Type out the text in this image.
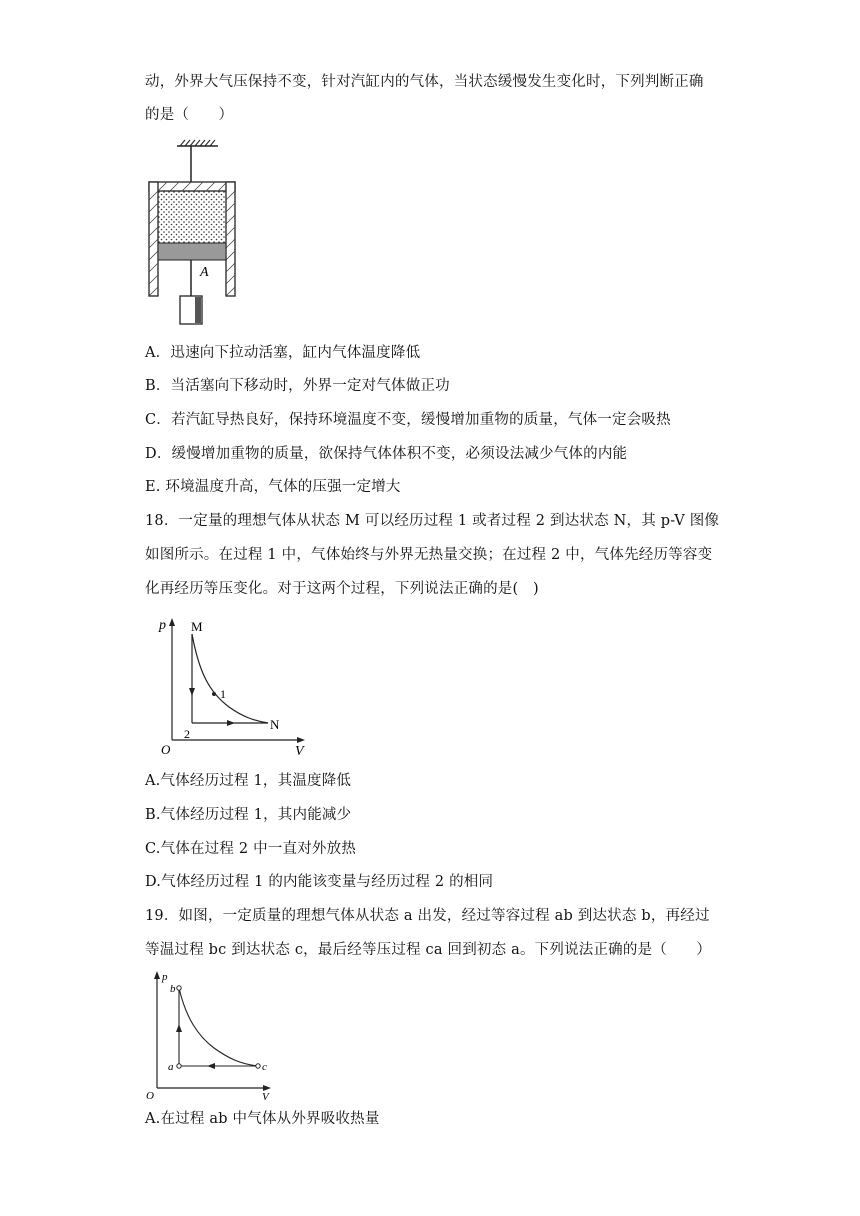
动，外界大气压保持不变，针对汽缸内的气体，当状态缓慢发生变化时，下列判断正确
的是（　　）
A
A．迅速向下拉动活塞，缸内气体温度降低
B．当活塞向下移动时，外界一定对气体做正功
C．若汽缸导热良好，保持环境温度不变，缓慢增加重物的质量，气体一定会吸热
D．缓慢增加重物的质量，欲保持气体体积不变，必须设法减少气体的内能
E. 环境温度升高，气体的压强一定增大
18．一定量的理想气体从状态 M 可以经历过程 1 或者过程 2 到达状态 N，其 p-V 图像
如图所示。在过程 1 中，气体始终与外界无热量交换；在过程 2 中，气体先经历等容变
化再经历等压变化。对于这两个过程，下列说法正确的是(　)
p
V
O
M
N
1
2
A.气体经历过程 1，其温度降低
B.气体经历过程 1，其内能减少
C.气体在过程 2 中一直对外放热
D.气体经历过程 1 的内能该变量与经历过程 2 的相同
19．如图，一定质量的理想气体从状态 a 出发，经过等容过程 ab 到达状态 b，再经过
等温过程 bc 到达状态 c，最后经等压过程 ca 回到初态 a。下列说法正确的是（　　）
p
V
O
b
a	c
A.在过程 ab 中气体从外界吸收热量
